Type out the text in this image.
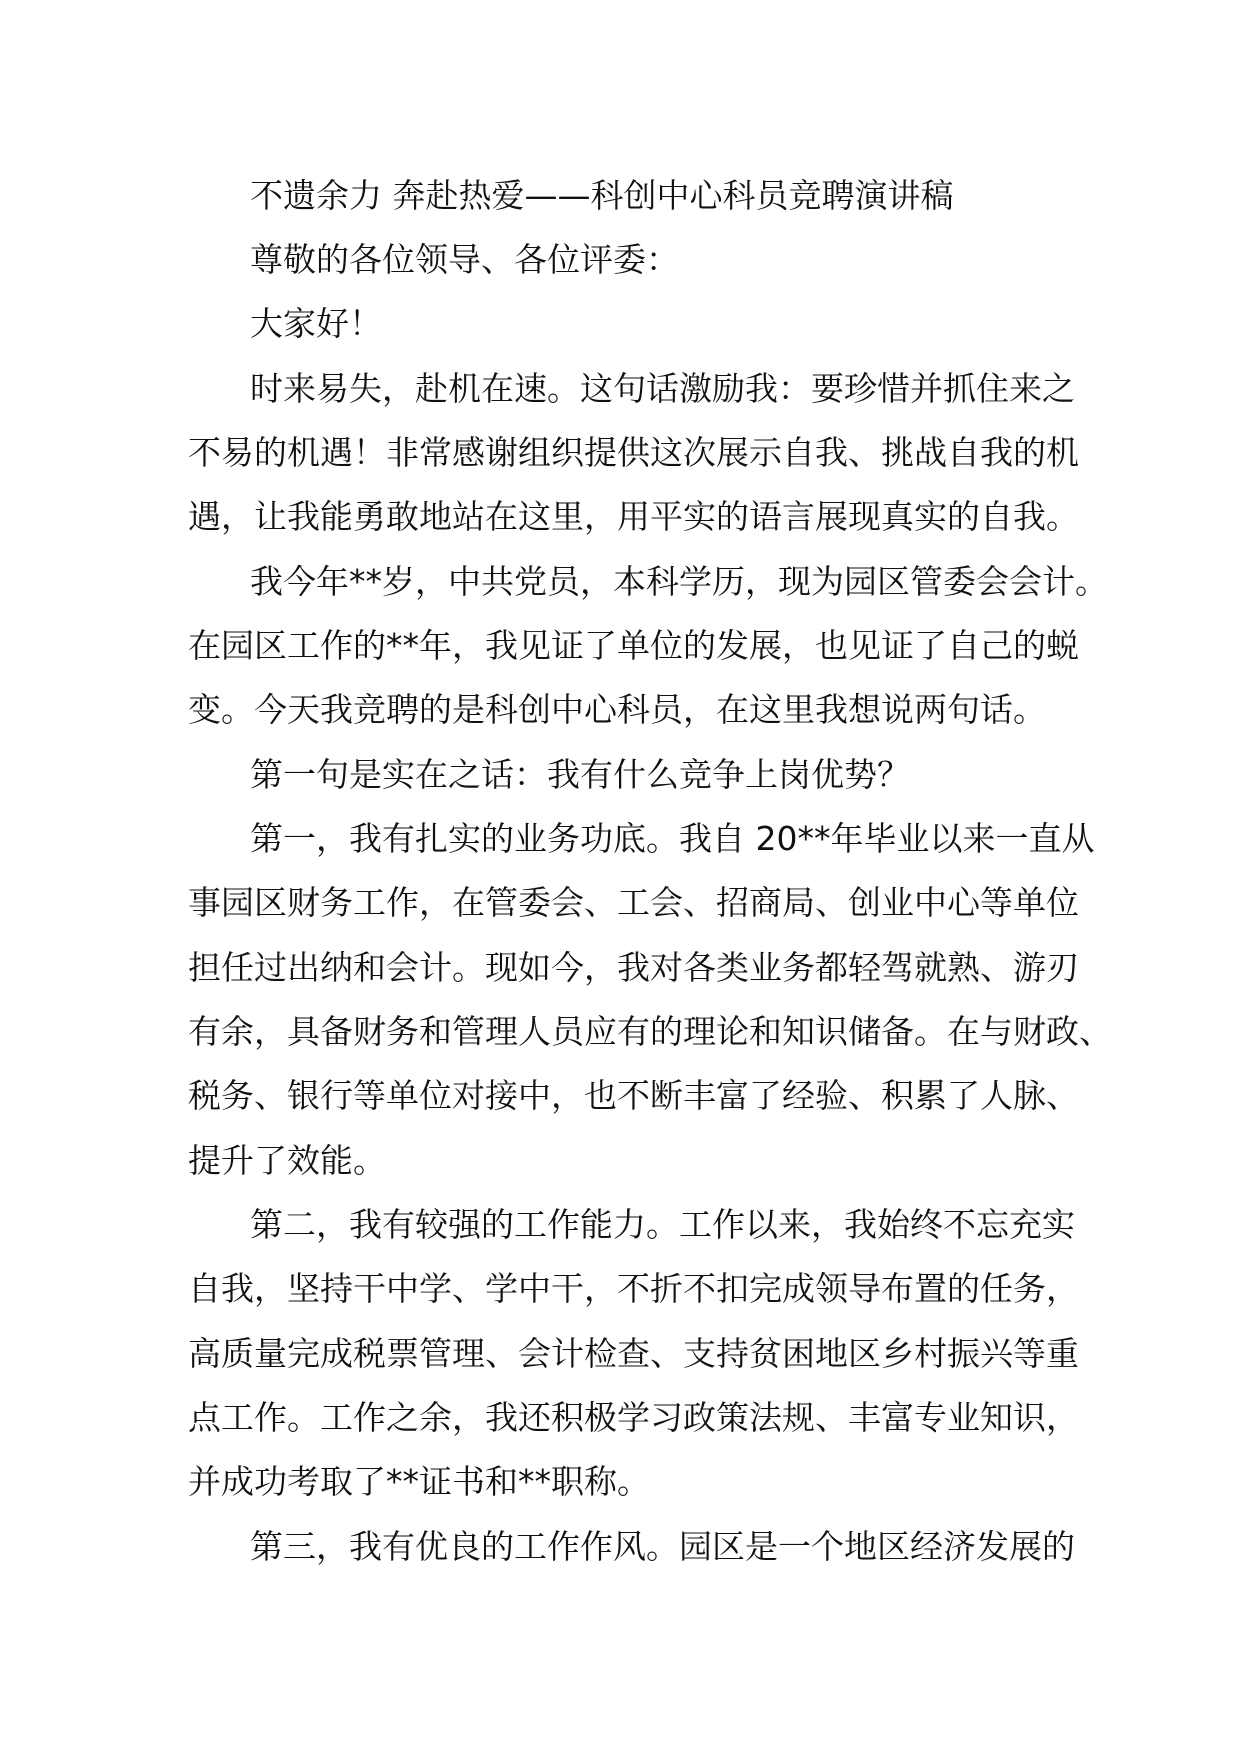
不遗余力 奔赴热爱——科创中心科员竞聘演讲稿

尊敬的各位领导、各位评委：

大家好！

时来易失，赴机在速。这句话激励我：要珍惜并抓住来之

不易的机遇！非常感谢组织提供这次展示自我、挑战自我的机

遇，让我能勇敢地站在这里，用平实的语言展现真实的自我。

我今年**岁，中共党员，本科学历，现为园区管委会会计。

在园区工作的**年，我见证了单位的发展，也见证了自己的蜕

变。今天我竞聘的是科创中心科员，在这里我想说两句话。

第一句是实在之话：我有什么竞争上岗优势？

第一，我有扎实的业务功底。我自 20**年毕业以来一直从

事园区财务工作，在管委会、工会、招商局、创业中心等单位

担任过出纳和会计。现如今，我对各类业务都轻驾就熟、游刃

有余，具备财务和管理人员应有的理论和知识储备。在与财政、

税务、银行等单位对接中，也不断丰富了经验、积累了人脉、

提升了效能。

第二，我有较强的工作能力。工作以来，我始终不忘充实

自我，坚持干中学、学中干，不折不扣完成领导布置的任务，

高质量完成税票管理、会计检查、支持贫困地区乡村振兴等重

点工作。工作之余，我还积极学习政策法规、丰富专业知识，

并成功考取了**证书和**职称。

第三，我有优良的工作作风。园区是一个地区经济发展的
